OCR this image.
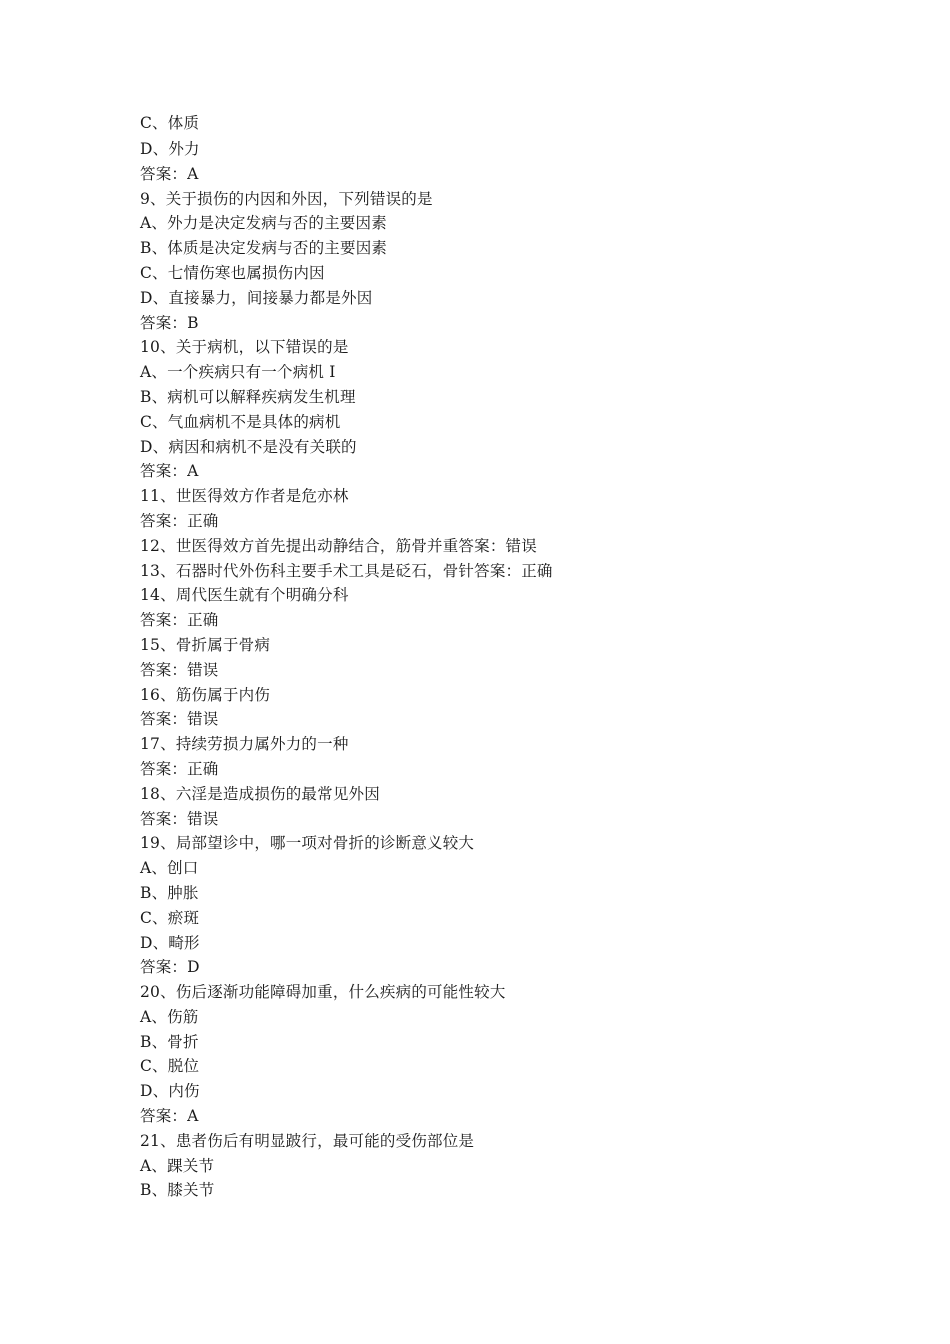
C、体质
D、外力
答案：A
9、关于损伤的内因和外因，下列错误的是
A、外力是决定发病与否的主要因素
B、体质是决定发病与否的主要因素
C、七情伤寒也属损伤内因
D、直接暴力，间接暴力都是外因
答案：B
10、关于病机，以下错误的是
A、一个疾病只有一个病机 I
B、病机可以解释疾病发生机理
C、气血病机不是具体的病机
D、病因和病机不是没有关联的
答案：A
11、世医得效方作者是危亦林
答案：正确
12、世医得效方首先提出动静结合，筋骨并重答案：错误
13、石器时代外伤科主要手术工具是砭石，骨针答案：正确
14、周代医生就有个明确分科
答案：正确
15、骨折属于骨病
答案：错误
16、筋伤属于内伤
答案：错误
17、持续劳损力属外力的一种
答案：正确
18、六淫是造成损伤的最常见外因
答案：错误
19、局部望诊中，哪一项对骨折的诊断意义较大
A、创口
B、肿胀
C、瘀斑
D、畸形
答案：D
20、伤后逐渐功能障碍加重，什么疾病的可能性较大
A、伤筋
B、骨折
C、脱位
D、内伤
答案：A
21、患者伤后有明显跛行，最可能的受伤部位是
A、踝关节
B、膝关节
